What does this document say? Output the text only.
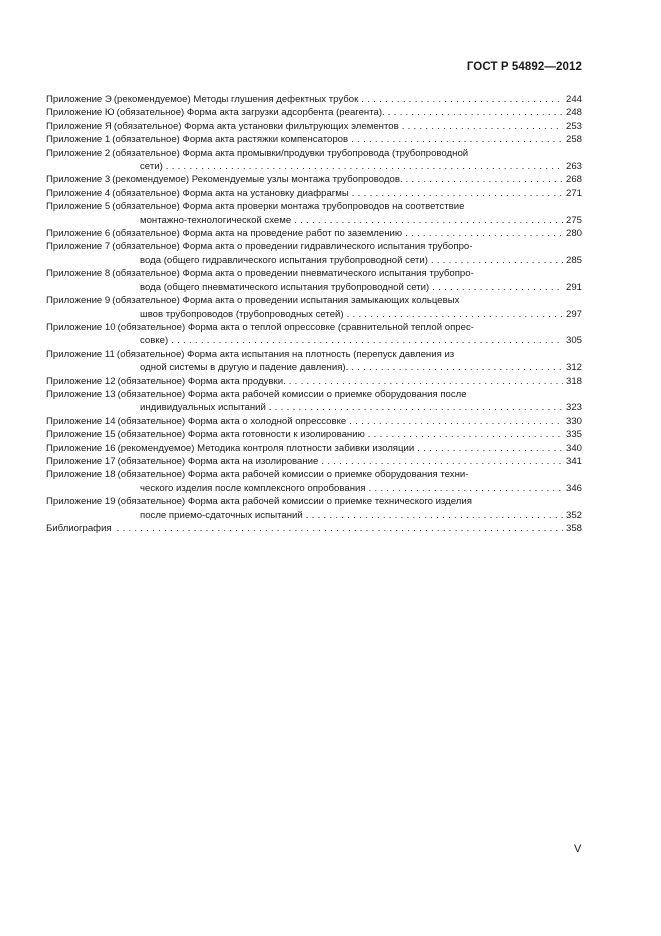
ГОСТ Р 54892—2012
Приложение Э (рекомендуемое) Методы глушения дефектных трубок . . .	244
Приложение Ю (обязательное) Форма акта загрузки адсорбента (реагента). . . .	248
Приложение Я (обязательное) Форма акта установки фильтрующих элементов . . .	253
Приложение 1 (обязательное) Форма акта растяжки компенсаторов . . .	258
Приложение 2 (обязательное) Форма акта промывки/продувки трубопровода (трубопроводной
сети) . . .	263
Приложение 3 (рекомендуемое) Рекомендуемые узлы монтажа трубопроводов. . . .	268
Приложение 4 (обязательное) Форма акта на установку диафрагмы . . .	271
Приложение 5 (обязательное) Форма акта проверки монтажа трубопроводов на соответствие
монтажно-технологической схеме . . .	275
Приложение 6 (обязательное) Форма акта на проведение работ по заземлению . . .	280
Приложение 7 (обязательное) Форма акта о проведении гидравлического испытания трубопро-
вода (общего гидравлического испытания трубопроводной сети) . . .	285
Приложение 8 (обязательное) Форма акта о проведении пневматического испытания трубопро-
вода (общего пневматического испытания трубопроводной сети) . . .	291
Приложение 9 (обязательное) Форма акта о проведении испытания замыкающих кольцевых
швов трубопроводов (трубопроводных сетей) . . .	297
Приложение 10 (обязательное) Форма акта о теплой опрессовке (сравнительной теплой опрес-
совке) . . .	305
Приложение 11 (обязательное) Форма акта испытания на плотность (перепуск давления из
одной системы в другую и падение давления). . . .	312
Приложение 12 (обязательное) Форма акта продувки. . . .	318
Приложение 13 (обязательное) Форма акта рабочей комиссии о приемке оборудования после
индивидуальных испытаний . . .	323
Приложение 14 (обязательное) Форма акта о холодной опрессовке . . .	330
Приложение 15 (обязательное) Форма акта готовности к изолированию . . .	335
Приложение 16 (рекомендуемое) Методика контроля плотности забивки изоляции . . .	340
Приложение 17 (обязательное) Форма акта на изолирование . . .	341
Приложение 18 (обязательное) Форма акта рабочей комиссии о приемке оборудования техни-
ческого изделия после комплексного опробования . . .	346
Приложение 19 (обязательное) Форма акта рабочей комиссии о приемке технического изделия
после приемо-сдаточных испытаний . . .	352
Библиография . . .	358
V
